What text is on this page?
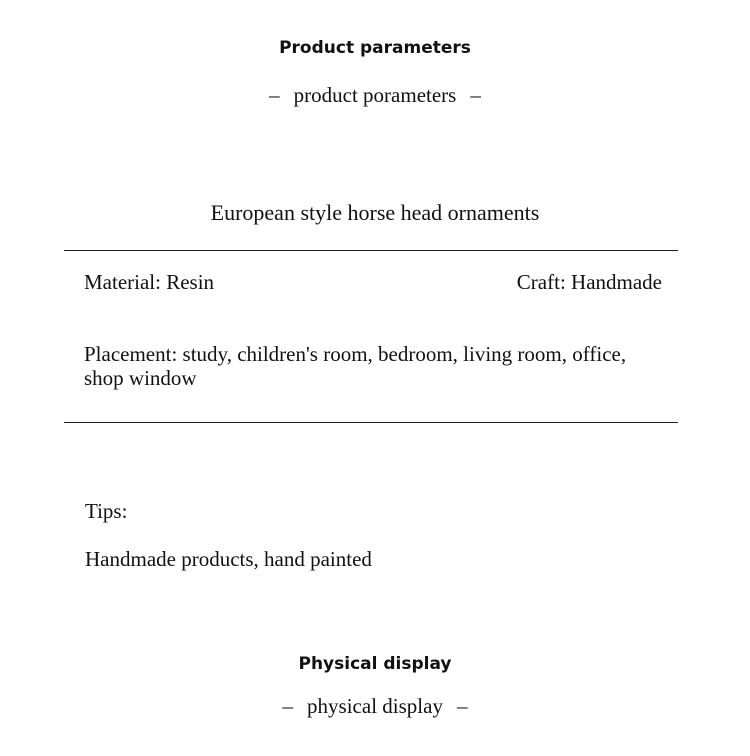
Product parameters
– product porameters –
European style horse head ornaments
Material: Resin	Craft: Handmade
Placement: study, children's room, bedroom, living room, office, shop window
Tips:
Handmade products, hand painted
Physical display
– physical display –
